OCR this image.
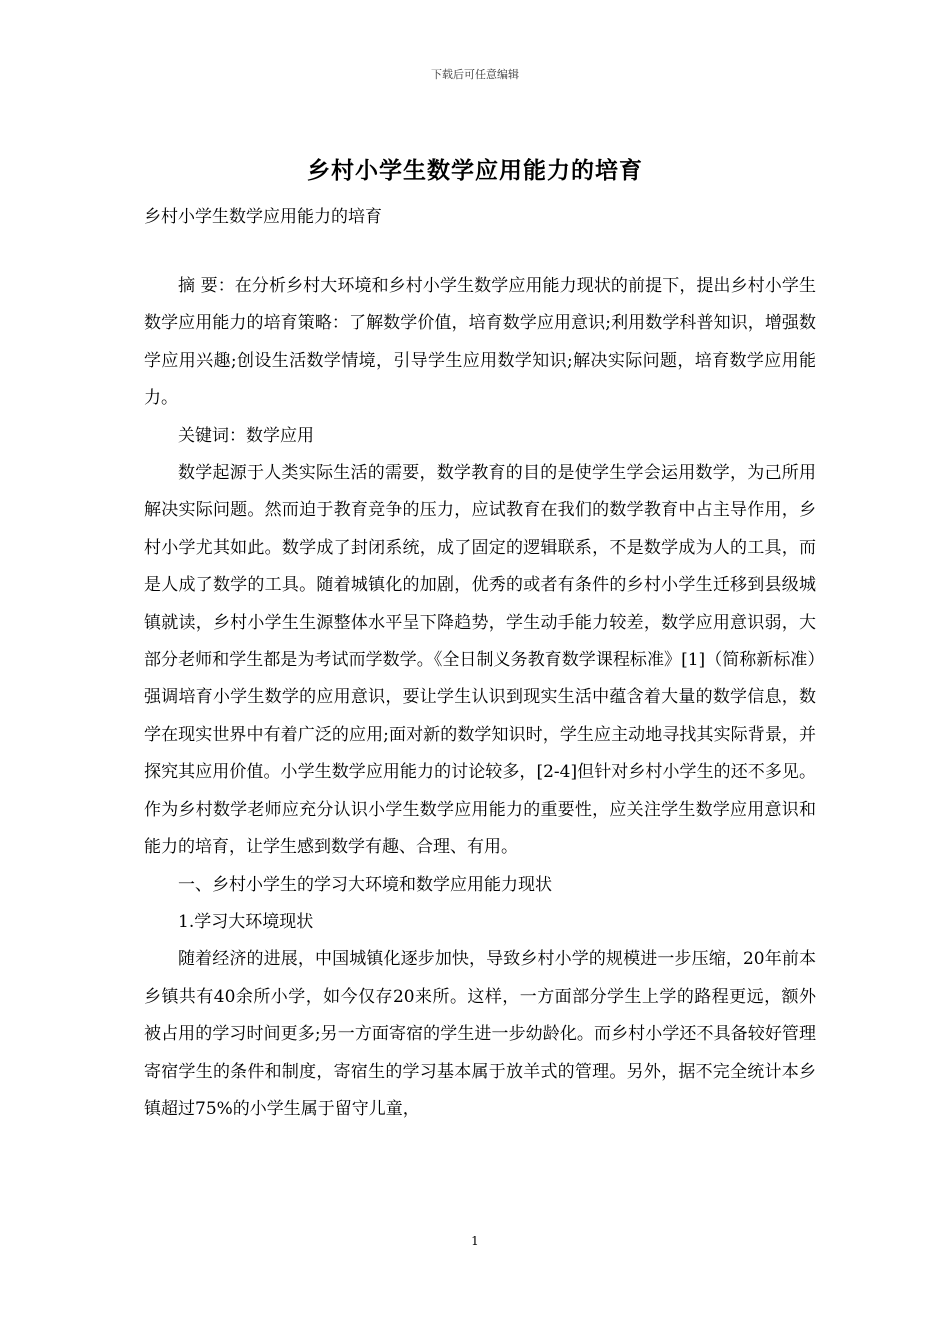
下载后可任意编辑
乡村小学生数学应用能力的培育
乡村小学生数学应用能力的培育

摘 要：在分析乡村大环境和乡村小学生数学应用能力现状的前提下，提出乡村小学生数学应用能力的培育策略：了解数学价值，培育数学应用意识;利用数学科普知识，增强数学应用兴趣;创设生活数学情境，引导学生应用数学知识;解决实际问题，培育数学应用能力。

关键词：数学应用

数学起源于人类实际生活的需要，数学教育的目的是使学生学会运用数学，为己所用解决实际问题。然而迫于教育竞争的压力，应试教育在我们的数学教育中占主导作用，乡村小学尤其如此。数学成了封闭系统，成了固定的逻辑联系，不是数学成为人的工具，而是人成了数学的工具。随着城镇化的加剧，优秀的或者有条件的乡村小学生迁移到县级城镇就读，乡村小学生生源整体水平呈下降趋势，学生动手能力较差，数学应用意识弱，大部分老师和学生都是为考试而学数学。《全日制义务教育数学课程标准》[1]（简称新标准）强调培育小学生数学的应用意识，要让学生认识到现实生活中蕴含着大量的数学信息，数学在现实世界中有着广泛的应用;面对新的数学知识时，学生应主动地寻找其实际背景，并探究其应用价值。小学生数学应用能力的讨论较多，[2-4]但针对乡村小学生的还不多见。作为乡村数学老师应充分认识小学生数学应用能力的重要性，应关注学生数学应用意识和能力的培育，让学生感到数学有趣、合理、有用。

一、乡村小学生的学习大环境和数学应用能力现状

1.学习大环境现状

随着经济的进展，中国城镇化逐步加快，导致乡村小学的规模进一步压缩，20年前本乡镇共有40余所小学，如今仅存20来所。这样，一方面部分学生上学的路程更远，额外被占用的学习时间更多;另一方面寄宿的学生进一步幼龄化。而乡村小学还不具备较好管理寄宿学生的条件和制度，寄宿生的学习基本属于放羊式的管理。另外，据不完全统计本乡镇超过75%的小学生属于留守儿童，

1
